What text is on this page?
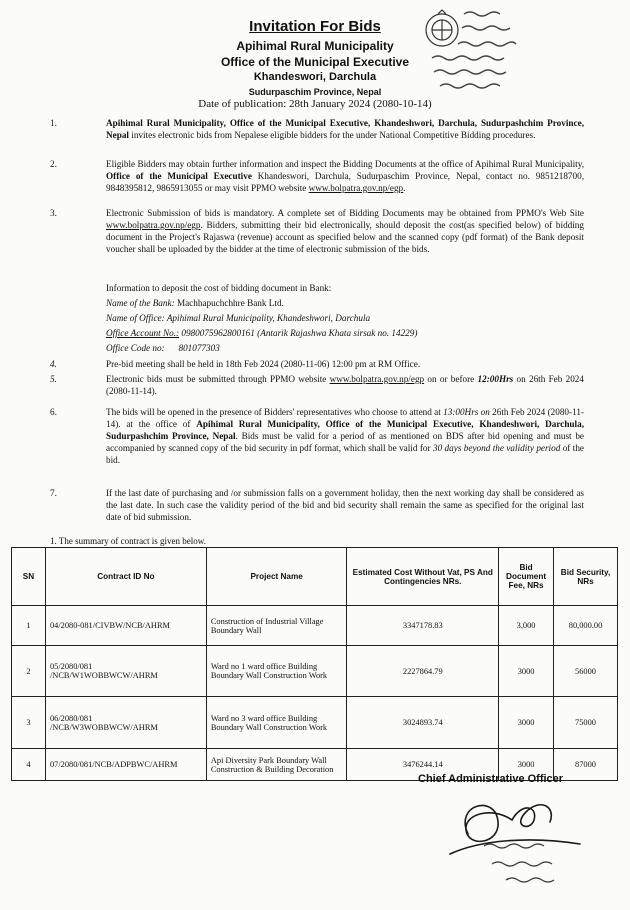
Invitation For Bids
Apihimal Rural Municipality
Office of the Municipal Executive
Khandeswori, Darchula
Sudurpaschim Province, Nepal
Date of publication: 28th January 2024 (2080-10-14)
1.	Apihimal Rural Municipality, Office of the Municipal Executive, Khandeshwori, Darchula, Sudurpashchim Province, Nepal invites electronic bids from Nepalese eligible bidders for the under National Competitive Bidding procedures.
2.	Eligible Bidders may obtain further information and inspect the Bidding Documents at the office of Apihimal Rural Municipality, Office of the Municipal Executive Khandeswori, Darchula, Sudurpaschim Province, Nepal, contact no. 9851218700, 9848395812, 9865913055 or may visit PPMO website www.bolpatra.gov.np/egp.
3.	Electronic Submission of bids is mandatory. A complete set of Bidding Documents may be obtained from PPMO's Web Site www.bolpatra.gov.np/egp. Bidders, submitting their bid electronically, should deposit the cost(as specified below) of bidding document in the Project's Rajaswa (revenue) account as specified below and the scanned copy (pdf format) of the Bank deposit voucher shall be uploaded by the bidder at the time of electronic submission of the bids.
Information to deposit the cost of bidding document in Bank:
Name of the Bank: Machhapuchchhre Bank Ltd.
Name of Office: Apihimal Rural Municipality, Khandeshwori, Darchula
Office Account No.: 0980075962800161 (Antarik Rajashwa Khata sirsak no. 14229)
Office Code no: 801077303
4.	Pre-bid meeting shall be held in 18th Feb 2024 (2080-11-06) 12:00 pm at RM Office.
5.	Electronic bids must be submitted through PPMO website www.bolpatra.gov.np/egp on or before 12:00Hrs on 26th Feb 2024 (2080-11-14).
6.	The bids will be opened in the presence of Bidders' representatives who choose to attend at 13:00Hrs on 26th Feb 2024 (2080-11-14). at the office of Apihimal Rural Municipality, Office of the Municipal Executive, Khandeshwori, Darchula, Sudurpashchim Province, Nepal. Bids must be valid for a period of as mentioned on BDS after bid opening and must be accompanied by scanned copy of the bid security in pdf format, which shall be valid for 30 days beyond the validity period of the bid.
7.	If the last date of purchasing and /or submission falls on a government holiday, then the next working day shall be considered as the last date. In such case the validity period of the bid and bid security shall remain the same as specified for the original last date of bid submission.
1. The summary of contract is given below.
SN	Contract ID No	Project Name	Estimated Cost Without Vat, PS And Contingencies NRs.	Bid Document Fee, NRs	Bid Security, NRs
1	04/2080-081/CIVBW/NCB/AHRM	Construction of Industrial Village Boundary Wall	3347178.83	3,000	80,000.00
2	05/2080/081 /NCB/W1WOBBWCW/AHRM	Ward no 1 ward office Building Boundary Wall Construction Work	2227864.79	3000	56000
3	06/2080/081 /NCB/W3WOBBWCW/AHRM	Ward no 3 ward office Building Boundary Wall Construction Work	3024893.74	3000	75000
4	07/2080/081/NCB/ADPBWC/AHRM	Api Diversity Park Boundary Wall Construction & Building Decoration	3476244.14	3000	87000
Chief Administrative Officer
